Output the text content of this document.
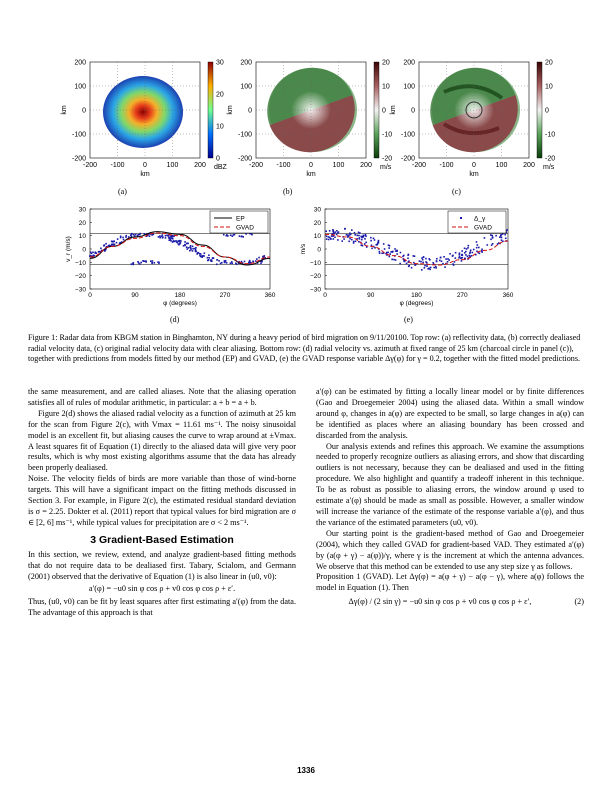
200
100
0
-100
-200
-200 -100	0	100 200
km
km
30
20
10
0
dBZ
200
100
0
-100
-200
-200 -100	0	100 200
km
km
20
10
0
-10
-20
m/s
200
100
0
-100
-200
-200 -100	0	100 200
km
km
20
10
0
-10
-20
m/s
30
20
10
0
−10
−20
−30
0	90	180	270	360
φ (degrees)
v_r (m/s)
EP
GVAD
30
20
10
0
−10
−20
−30
0	90	180	270	360
φ (degrees)
m/s
Δ_γ
GVAD
(a)	(b)	(c)
(d)	(e)
Figure 1: Radar data from KBGM station in Binghamton, NY during a heavy period of bird migration on 9/11/20100. Top row: (a) reflectivity data, (b) correctly dealiased radial velocity data, (c) original radial velocity data with clear aliasing. Bottom row: (d) radial velocity vs. azimuth at fixed range of 25 km (charcoal circle in panel (c)), together with predictions from models fitted by our method (EP) and GVAD, (e) the GVAD response variable Δγ(φ) for γ = 0.2, together with the fitted model predictions.

the same measurement, and are called aliases. Note that the aliasing operation satisfies all of rules of modular arithmetic, in particular: a + b = a + b.

Figure 2(d) shows the aliased radial velocity as a function of azimuth at 25 km for the scan from Figure 2(c), with Vmax = 11.61 ms⁻¹. The noisy sinusoidal model is an excellent fit, but aliasing causes the curve to wrap around at ±Vmax. A least squares fit of Equation (1) directly to the aliased data will give very poor results, which is why most existing algorithms assume that the data has already been properly dealiased.

Noise. The velocity fields of birds are more variable than those of wind-borne targets. This will have a significant impact on the fitting methods discussed in Section 3. For example, in Figure 2(c), the estimated residual standard deviation is σ = 2.25. Dokter et al. (2011) report that typical values for bird migration are σ ∈ [2, 6] ms⁻¹, while typical values for precipitation are σ < 2 ms⁻¹.

3 Gradient-Based Estimation

In this section, we review, extend, and analyze gradient-based fitting methods that do not require data to be dealiased first. Tabary, Scialom, and Germann (2001) observed that the derivative of Equation (1) is also linear in (u0, v0):

a′(φ) = −u0 sin φ cos ρ + v0 cos φ cos ρ + ε′.

Thus, (u0, v0) can be fit by least squares after first estimating a′(φ) from the data. The advantage of this approach is that

a′(φ) can be estimated by fitting a locally linear model or by finite differences (Gao and Droegemeier 2004) using the aliased data. Within a small window around φ, changes in a(φ) are expected to be small, so large changes in a(φ) can be identified as places where an aliasing boundary has been crossed and discarded from the analysis.

Our analysis extends and refines this approach. We examine the assumptions needed to properly recognize outliers as aliasing errors, and show that discarding outliers is not necessary, because they can be dealiased and used in the fitting procedure. We also highlight and quantify a tradeoff inherent in this technique. To be as robust as possible to aliasing errors, the window around φ used to estimate a′(φ) should be made as small as possible. However, a smaller window will increase the variance of the estimate of the response variable a′(φ), and thus the variance of the estimated parameters (u0, v0).

Our starting point is the gradient-based method of Gao and Droegemeier (2004), which they called GVAD for gradient-based VAD. They estimated a′(φ) by (a(φ + γ) − a(φ))/γ, where γ is the increment at which the antenna advances. We observe that this method can be extended to use any step size γ as follows.

Proposition 1 (GVAD). Let Δγ(φ) = a(φ + γ) − a(φ − γ), where a(φ) follows the model in Equation (1). Then

Δγ(φ) / (2 sin γ) = −u0 sin φ cos ρ + v0 cos φ cos ρ + ε′,	(2)
1336
